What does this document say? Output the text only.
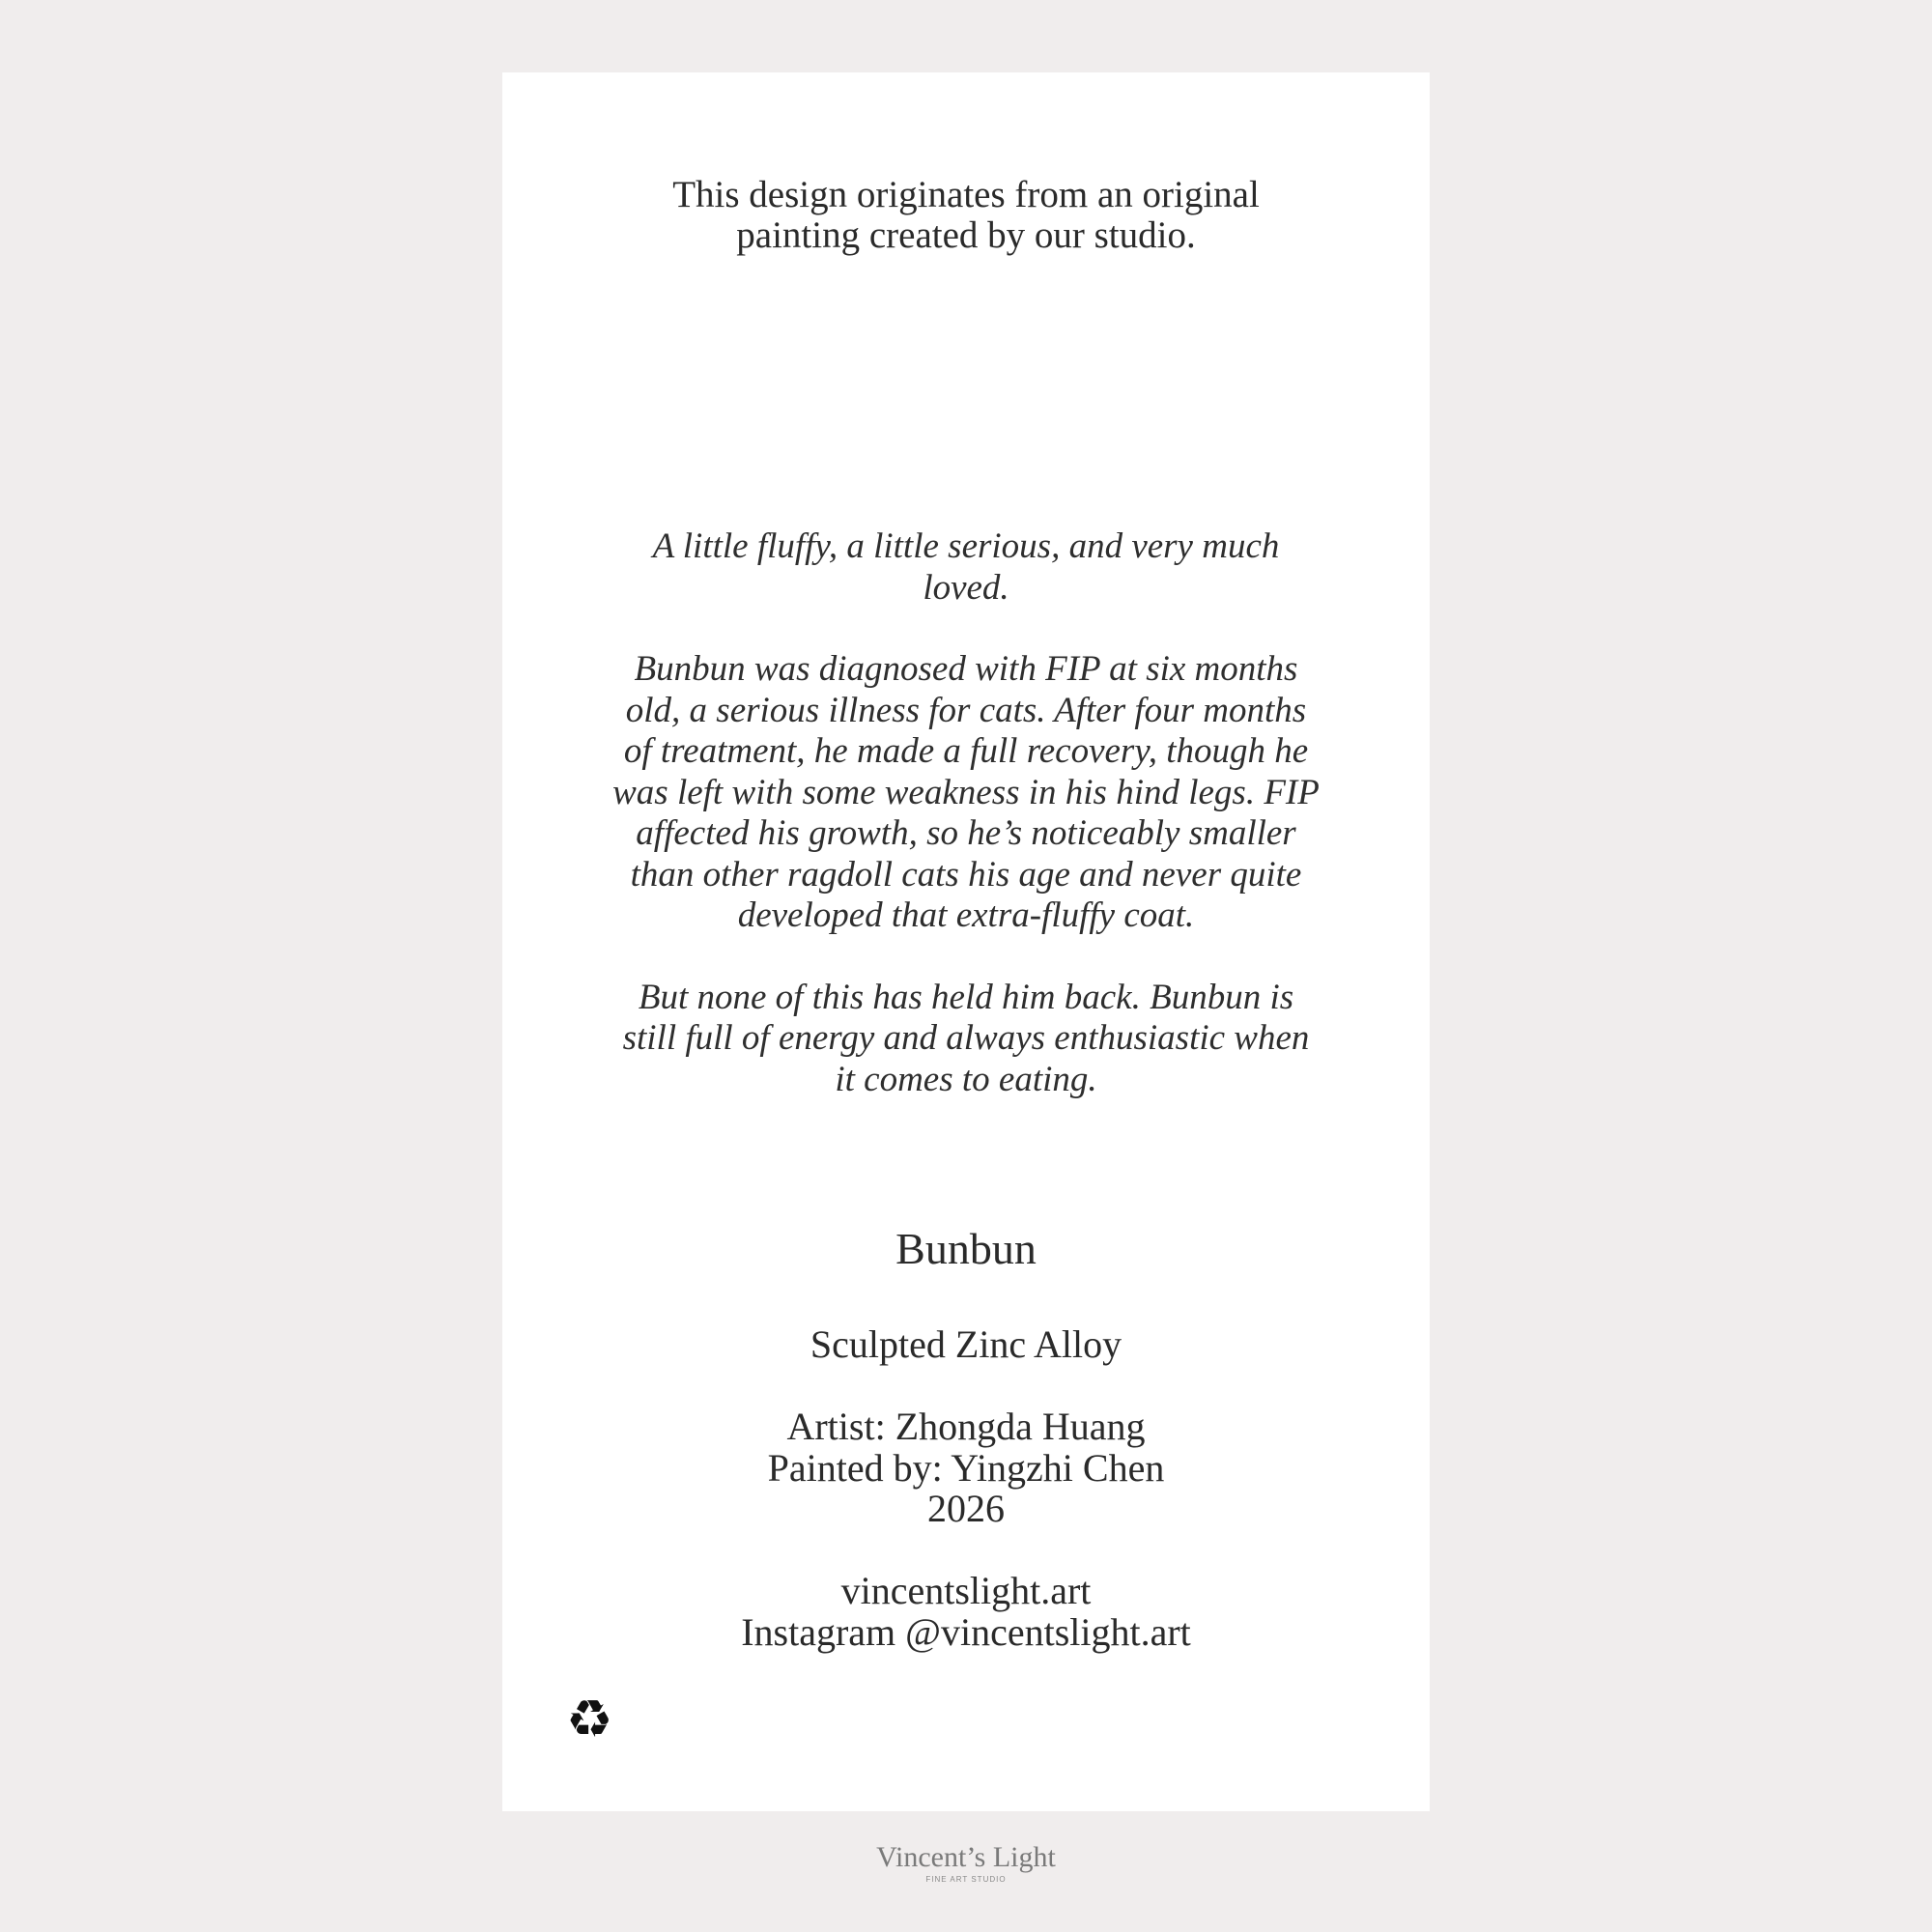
This design originates from an original painting created by our studio.

A little fluffy, a little serious, and very much loved.

Bunbun was diagnosed with FIP at six months old, a serious illness for cats. After four months of treatment, he made a full recovery, though he was left with some weakness in his hind legs. FIP affected his growth, so he’s noticeably smaller than other ragdoll cats his age and never quite developed that extra-fluffy coat.

But none of this has held him back. Bunbun is still full of energy and always enthusiastic when it comes to eating.

Bunbun
Sculpted Zinc Alloy
Artist: Zhongda Huang
Painted by: Yingzhi Chen
2026
vincentslight.art
Instagram @vincentslight.art
♻
Vincent’s Light
FINE ART STUDIO
